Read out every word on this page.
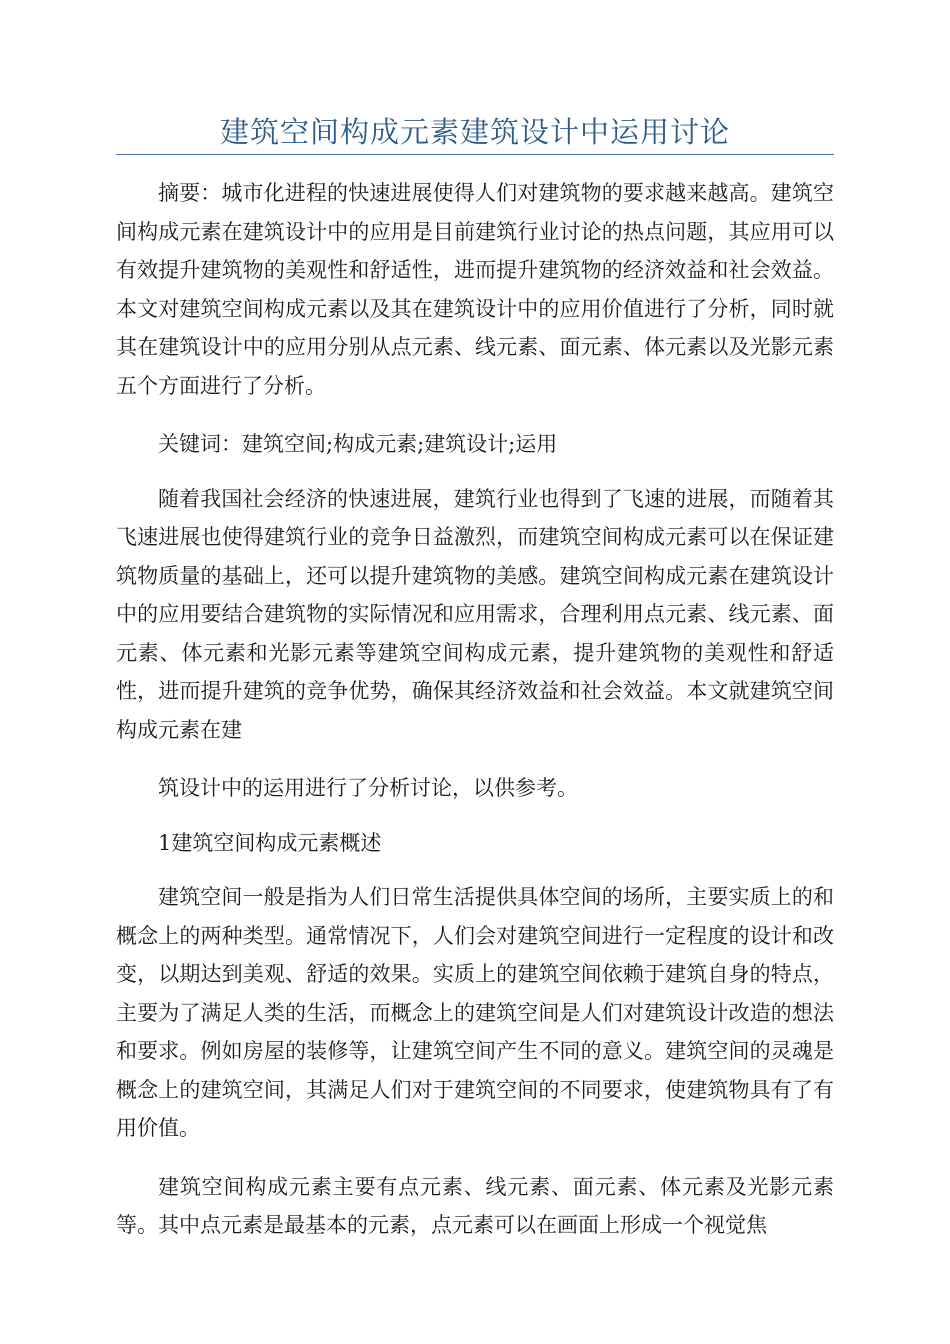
建筑空间构成元素建筑设计中运用讨论

摘要：城市化进程的快速进展使得人们对建筑物的要求越来越高。建筑空间构成元素在建筑设计中的应用是目前建筑行业讨论的热点问题，其应用可以有效提升建筑物的美观性和舒适性，进而提升建筑物的经济效益和社会效益。本文对建筑空间构成元素以及其在建筑设计中的应用价值进行了分析，同时就其在建筑设计中的应用分别从点元素、线元素、面元素、体元素以及光影元素五个方面进行了分析。

关键词：建筑空间;构成元素;建筑设计;运用

随着我国社会经济的快速进展，建筑行业也得到了飞速的进展，而随着其飞速进展也使得建筑行业的竞争日益激烈，而建筑空间构成元素可以在保证建筑物质量的基础上，还可以提升建筑物的美感。建筑空间构成元素在建筑设计中的应用要结合建筑物的实际情况和应用需求，合理利用点元素、线元素、面元素、体元素和光影元素等建筑空间构成元素，提升建筑物的美观性和舒适性，进而提升建筑的竞争优势，确保其经济效益和社会效益。本文就建筑空间构成元素在建

筑设计中的运用进行了分析讨论，以供参考。

1建筑空间构成元素概述

建筑空间一般是指为人们日常生活提供具体空间的场所，主要实质上的和概念上的两种类型。通常情况下，人们会对建筑空间进行一定程度的设计和改变，以期达到美观、舒适的效果。实质上的建筑空间依赖于建筑自身的特点，主要为了满足人类的生活，而概念上的建筑空间是人们对建筑设计改造的想法和要求。例如房屋的装修等，让建筑空间产生不同的意义。建筑空间的灵魂是概念上的建筑空间，其满足人们对于建筑空间的不同要求，使建筑物具有了有用价值。

建筑空间构成元素主要有点元素、线元素、面元素、体元素及光影元素等。其中点元素是最基本的元素，点元素可以在画面上形成一个视觉焦
